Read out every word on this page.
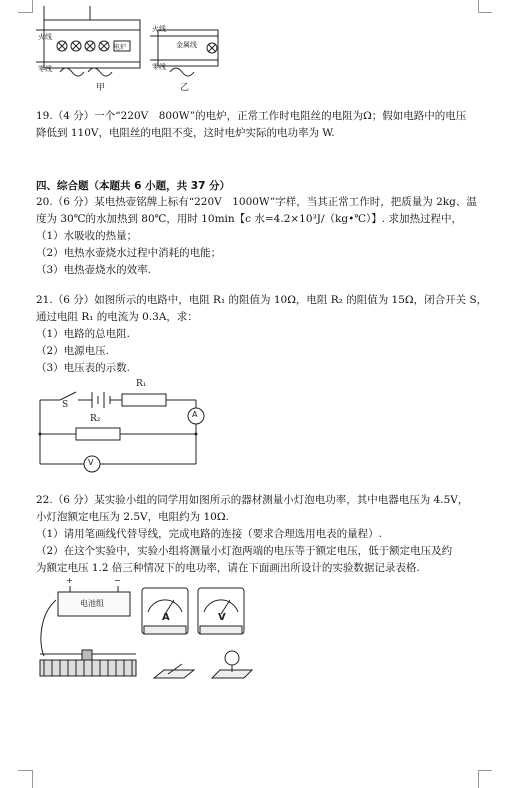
火线
零线
电炉
火线
金属线
零线
甲	乙
19.（4 分）一个“220V　800W”的电炉，正常工作时电阻丝的电阻为Ω；假如电路中的电压
降低到 110V，电阻丝的电阻不变，这时电炉实际的电功率为 W.
四、综合题（本题共 6 小题，共 37 分）
20.（6 分）某电热壶铭牌上标有“220V　1000W”字样，当其正常工作时，把质量为 2kg、温
度为 30℃的水加热到 80℃，用时 10min【c 水=4.2×10³J/（kg•℃）】. 求加热过程中，
（1）水吸收的热量；
（2）电热水壶烧水过程中消耗的电能；
（3）电热壶烧水的效率.
21.（6 分）如图所示的电路中，电阻 R₁ 的阻值为 10Ω，电阻 R₂ 的阻值为 15Ω，闭合开关 S，
通过电阻 R₁ 的电流为 0.3A，求：
（1）电路的总电阻.
（2）电源电压.
（3）电压表的示数.
S
R₁
R₂	A
V
22.（6 分）某实验小组的同学用如图所示的器材测量小灯泡电功率，其中电器电压为 4.5V，
小灯泡额定电压为 2.5V，电阻约为 10Ω.
（1）请用笔画线代替导线，完成电路的连接（要求合理选用电表的量程）.
（2）在这个实验中，实验小组将测量小灯泡两端的电压等于额定电压，低于额定电压及约
为额定电压 1.2 倍三种情况下的电功率，请在下面画出所设计的实验数据记录表格.
电池组
+	−
A	V
